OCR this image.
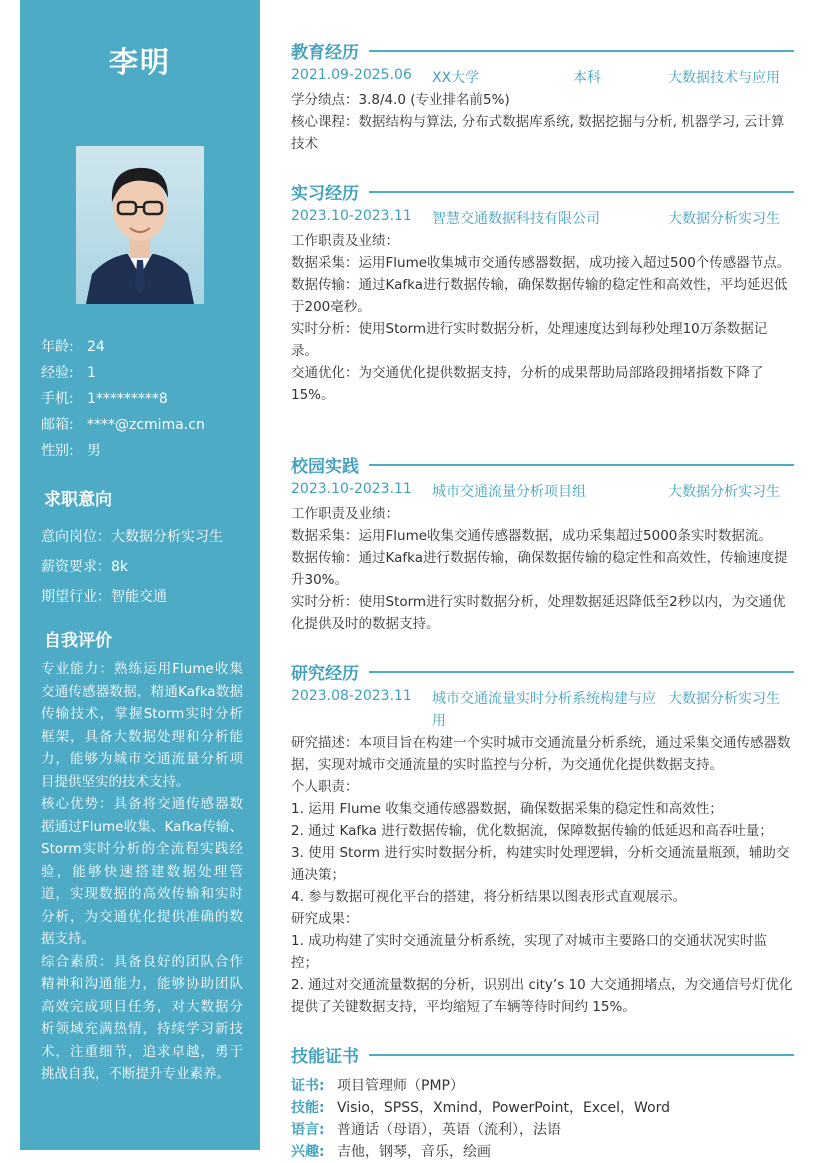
李明
年龄: 24
经验: 1
手机: 1*********8
邮箱: ****@zcmima.cn
性别: 男
求职意向
意向岗位：大数据分析实习生
薪资要求：8k
期望行业：智能交通
自我评价

专业能力：熟练运用Flume收集交通传感器数据，精通Kafka数据传输技术，掌握Storm实时分析框架，具备大数据处理和分析能力，能够为城市交通流量分析项目提供坚实的技术支持。

核心优势：具备将交通传感器数据通过Flume收集、Kafka传输、Storm实时分析的全流程实践经验，能够快速搭建数据处理管道，实现数据的高效传输和实时分析，为交通优化提供准确的数据支持。

综合素质：具备良好的团队合作精神和沟通能力，能够协助团队高效完成项目任务，对大数据分析领域充满热情，持续学习新技术，注重细节，追求卓越，勇于挑战自我，不断提升专业素养。

教育经历
2021.09-2025.06 XX大学	本科	大数据技术与应用

学分绩点：3.8/4.0 (专业排名前5%)

核心课程：数据结构与算法, 分布式数据库系统, 数据挖掘与分析, 机器学习, 云计算技术

实习经历
2023.10-2023.11 智慧交通数据科技有限公司	大数据分析实习生

工作职责及业绩：

数据采集：运用Flume收集城市交通传感器数据，成功接入超过500个传感器节点。

数据传输：通过Kafka进行数据传输，确保数据传输的稳定性和高效性，平均延迟低于200毫秒。

实时分析：使用Storm进行实时数据分析，处理速度达到每秒处理10万条数据记录。

交通优化：为交通优化提供数据支持，分析的成果帮助局部路段拥堵指数下降了15%。

校园实践
2023.10-2023.11 城市交通流量分析项目组	大数据分析实习生

工作职责及业绩：

数据采集：运用Flume收集交通传感器数据，成功采集超过5000条实时数据流。

数据传输：通过Kafka进行数据传输，确保数据传输的稳定性和高效性，传输速度提升30%。

实时分析：使用Storm进行实时数据分析，处理数据延迟降低至2秒以内，为交通优化提供及时的数据支持。

研究经历
2023.08-2023.11 城市交通流量实时分析系统构建与应用
大数据分析实习生

研究描述：本项目旨在构建一个实时城市交通流量分析系统，通过采集交通传感器数据，实现对城市交通流量的实时监控与分析，为交通优化提供数据支持。

个人职责：

1. 运用 Flume 收集交通传感器数据，确保数据采集的稳定性和高效性；

2. 通过 Kafka 进行数据传输，优化数据流，保障数据传输的低延迟和高吞吐量；

3. 使用 Storm 进行实时数据分析，构建实时处理逻辑，分析交通流量瓶颈，辅助交通决策；

4. 参与数据可视化平台的搭建，将分析结果以图表形式直观展示。

研究成果：

1. 成功构建了实时交通流量分析系统，实现了对城市主要路口的交通状况实时监控；

2. 通过对交通流量数据的分析，识别出 city’s 10 大交通拥堵点，为交通信号灯优化提供了关键数据支持，平均缩短了车辆等待时间约 15%。

技能证书
证书: 项目管理师（PMP）
技能: Visio，SPSS，Xmind，PowerPoint，Excel，Word
语言: 普通话（母语），英语（流利），法语
兴趣: 吉他，钢琴，音乐，绘画
